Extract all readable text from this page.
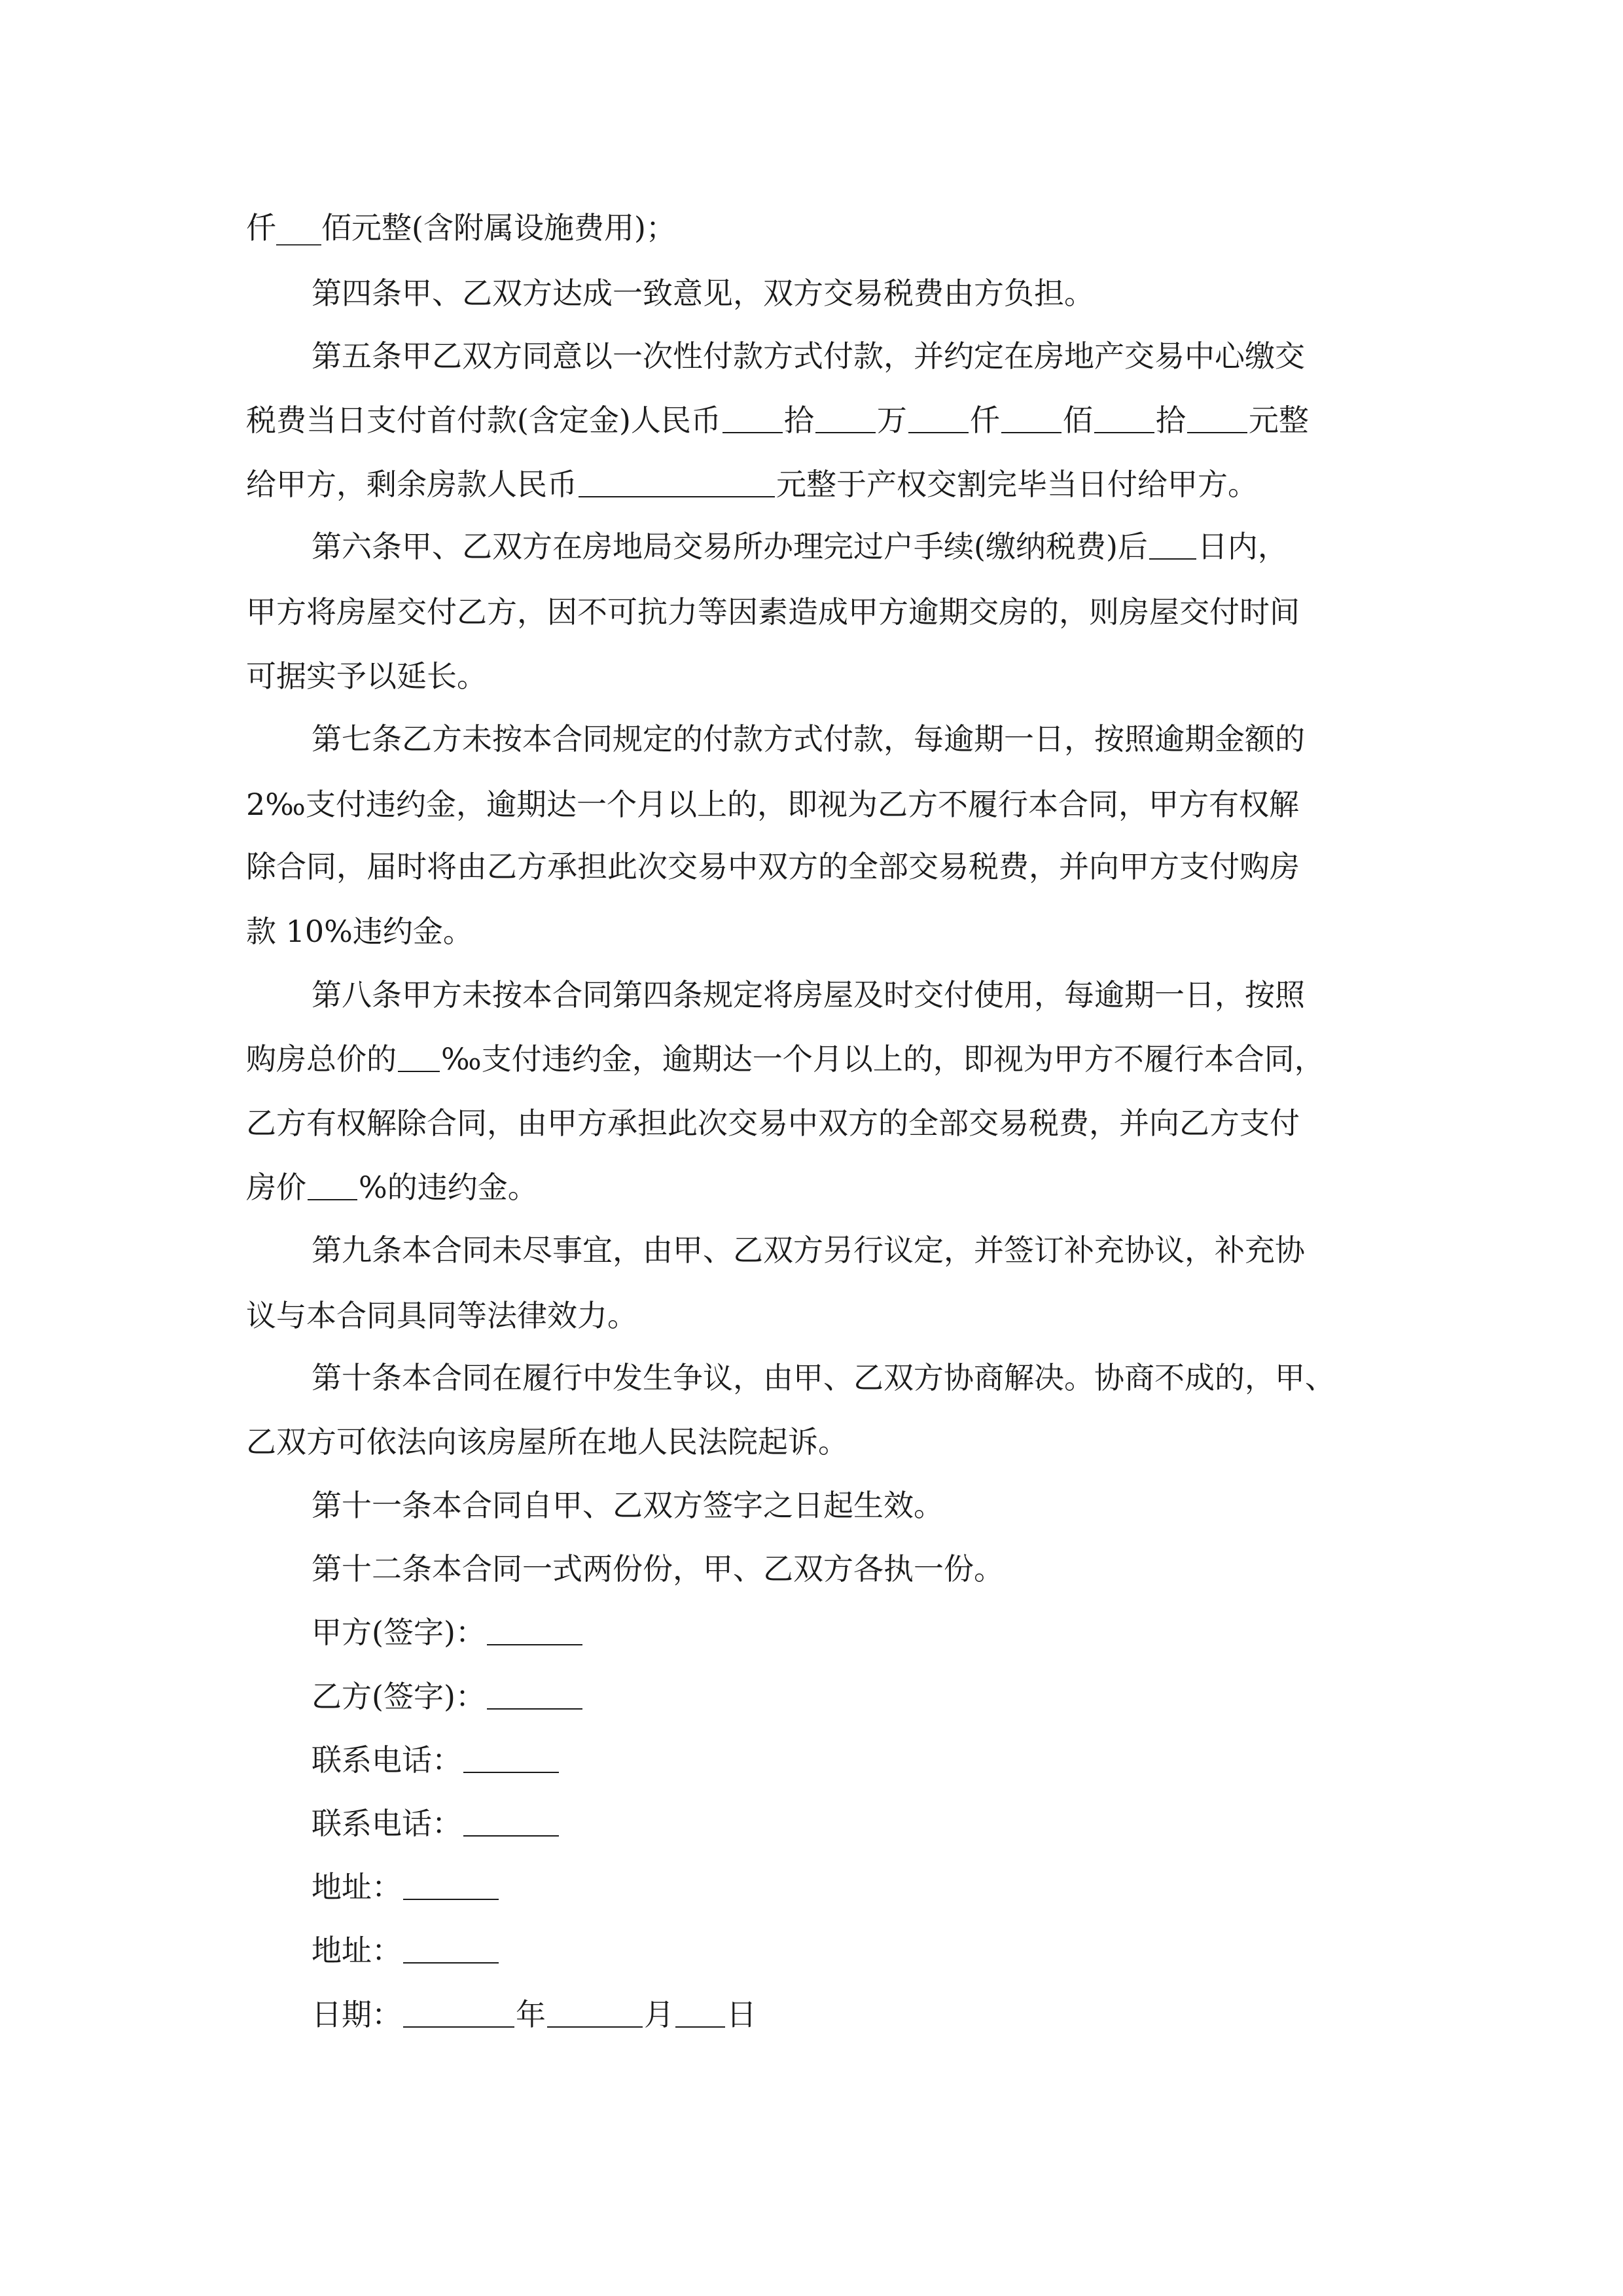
仟___佰元整(含附属设施费用)；
第四条甲、乙双方达成一致意见，双方交易税费由方负担。
第五条甲乙双方同意以一次性付款方式付款，并约定在房地产交易中心缴交
税费当日支付首付款(含定金)人民币 拾 万 仟 佰 拾 元整
给甲方，剩余房款人民币	元整于产权交割完毕当日付给甲方。
第六条甲、乙双方在房地局交易所办理完过户手续(缴纳税费)后 日内，
甲方将房屋交付乙方，因不可抗力等因素造成甲方逾期交房的，则房屋交付时间
可据实予以延长。
第七条乙方未按本合同规定的付款方式付款，每逾期一日，按照逾期金额的
2‰支付违约金，逾期达一个月以上的，即视为乙方不履行本合同，甲方有权解
除合同，届时将由乙方承担此次交易中双方的全部交易税费，并向甲方支付购房
款 10%违约金。
第八条甲方未按本合同第四条规定将房屋及时交付使用，每逾期一日，按照
购房总价的 ‰支付违约金，逾期达一个月以上的，即视为甲方不履行本合同，
乙方有权解除合同，由甲方承担此次交易中双方的全部交易税费，并向乙方支付
房价 %的违约金。
第九条本合同未尽事宜，由甲、乙双方另行议定，并签订补充协议，补充协
议与本合同具同等法律效力。
第十条本合同在履行中发生争议，由甲、乙双方协商解决。协商不成的，甲、
乙双方可依法向该房屋所在地人民法院起诉。
第十一条本合同自甲、乙双方签字之日起生效。
第十二条本合同一式两份份，甲、乙双方各执一份。
甲方(签字)：
乙方(签字)：
联系电话：
联系电话：
地址：
地址：
日期：	年	月 日
